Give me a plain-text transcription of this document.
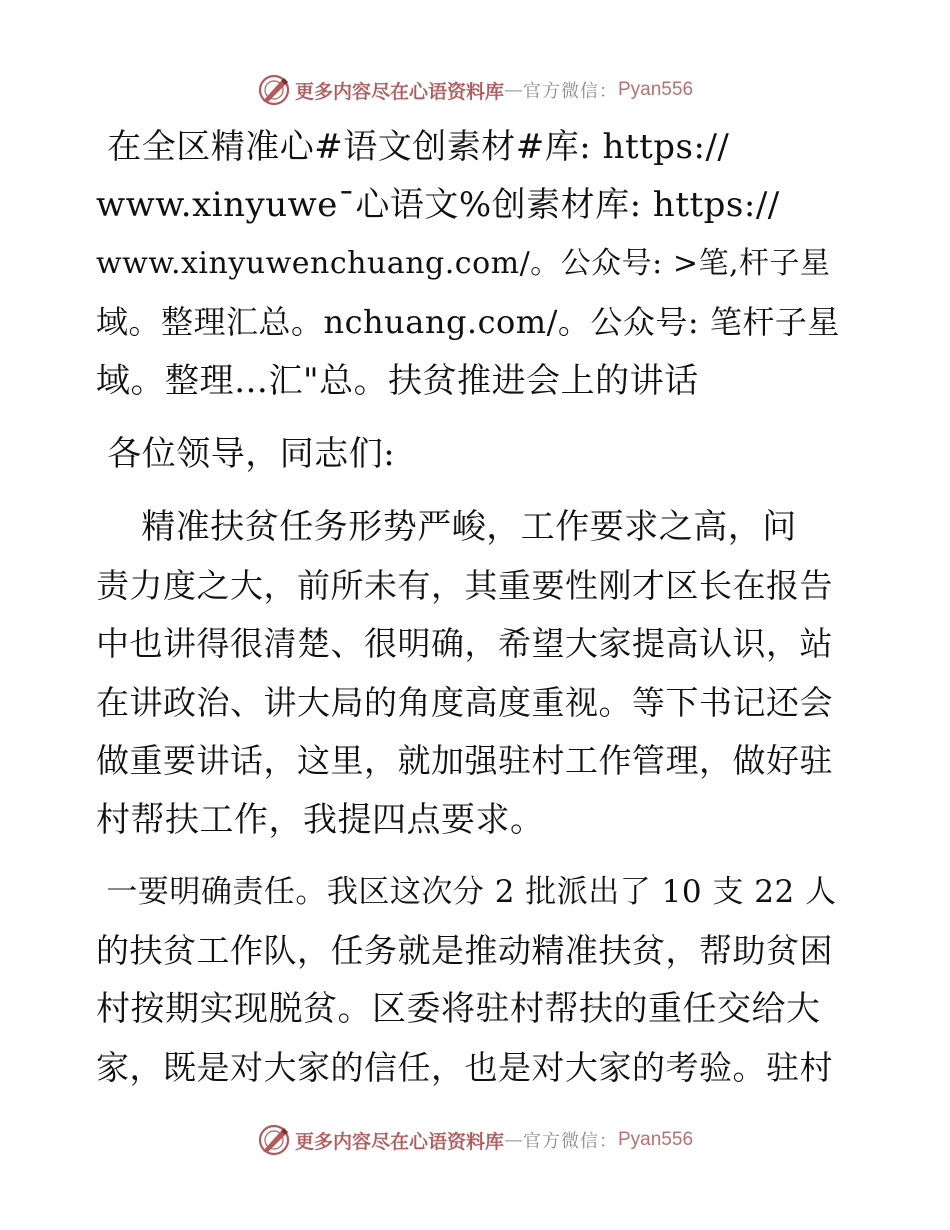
更多内容尽在心语资料库 — 官方微信： Pyan556

在全区精准心#语文创素材#库: https://

www.xinyuwe¯心语文%创素材库: https://

www.xinyuwenchuang.com/。公众号: >笔,杆子星

域。整理汇总。nchuang.com/。公众号: 笔杆子星

域。整理…汇"总。扶贫推进会上的讲话

各位领导，同志们:

精准扶贫任务形势严峻，工作要求之高，问

责力度之大，前所未有，其重要性刚才区长在报告

中也讲得很清楚、很明确，希望大家提高认识，站

在讲政治、讲大局的角度高度重视。等下书记还会

做重要讲话，这里，就加强驻村工作管理，做好驻

村帮扶工作，我提四点要求。

一要明确责任。我区这次分 2 批派出了 10 支 22 人

的扶贫工作队，任务就是推动精准扶贫，帮助贫困

村按期实现脱贫。区委将驻村帮扶的重任交给大

家，既是对大家的信任，也是对大家的考验。驻村

更多内容尽在心语资料库 — 官方微信： Pyan556
